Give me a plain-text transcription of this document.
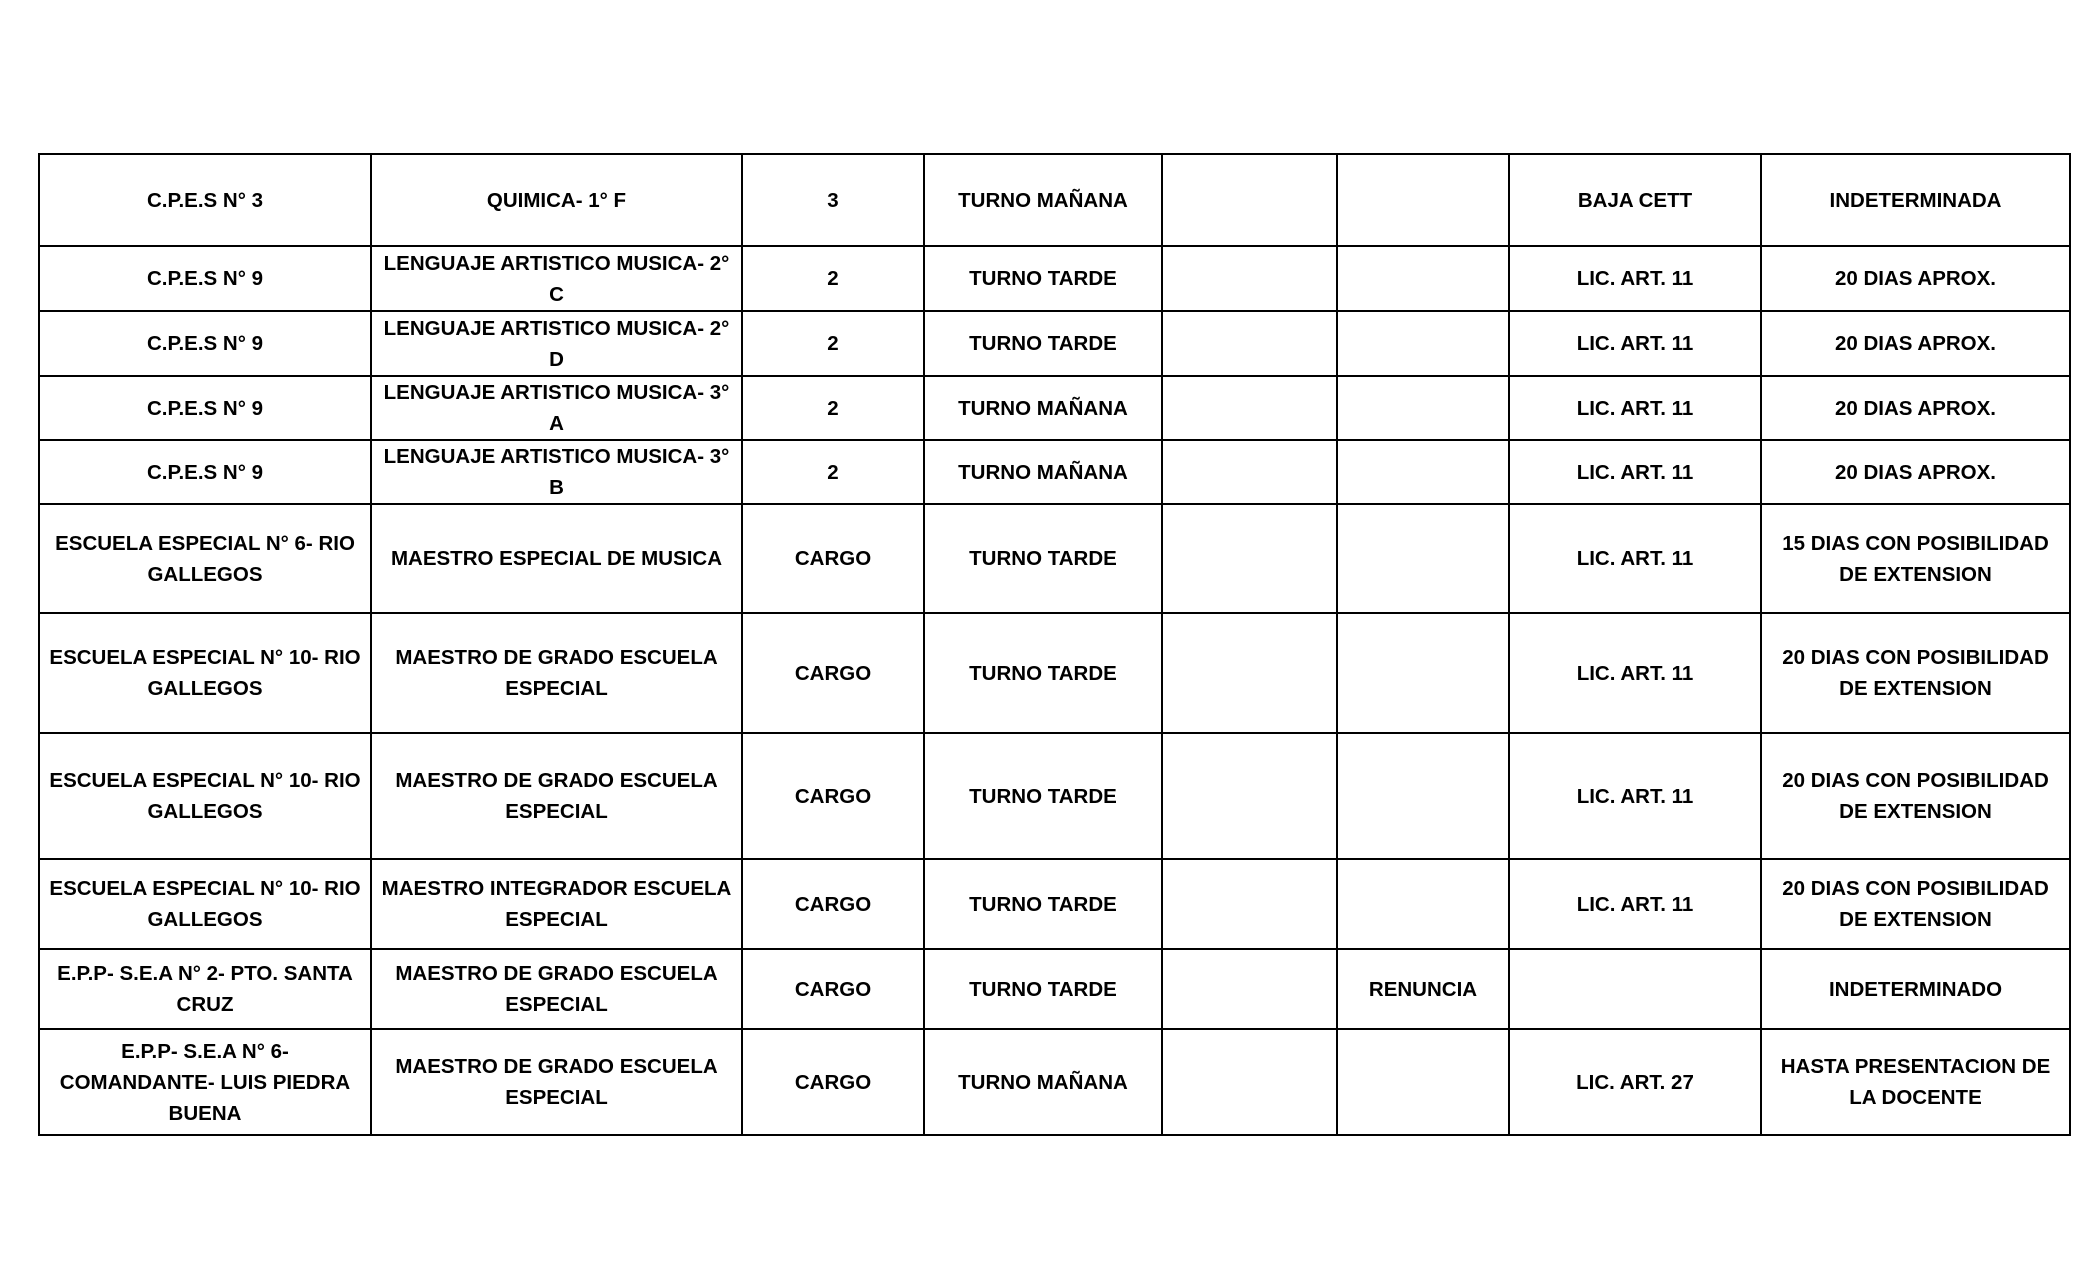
C.P.E.S N° 3	QUIMICA- 1° F	3	TURNO MAÑANA			BAJA CETT	INDETERMINADA
C.P.E.S N° 9	LENGUAJE ARTISTICO MUSICA- 2° C	2	TURNO TARDE			LIC. ART. 11	20 DIAS APROX.
C.P.E.S N° 9	LENGUAJE ARTISTICO MUSICA- 2° D	2	TURNO TARDE			LIC. ART. 11	20 DIAS APROX.
C.P.E.S N° 9	LENGUAJE ARTISTICO MUSICA- 3° A	2	TURNO MAÑANA			LIC. ART. 11	20 DIAS APROX.
C.P.E.S N° 9	LENGUAJE ARTISTICO MUSICA- 3° B	2	TURNO MAÑANA			LIC. ART. 11	20 DIAS APROX.
ESCUELA ESPECIAL N° 6- RIO GALLEGOS	MAESTRO ESPECIAL DE MUSICA	CARGO	TURNO TARDE			LIC. ART. 11	15 DIAS CON POSIBILIDAD DE EXTENSION
ESCUELA ESPECIAL N° 10- RIO GALLEGOS	MAESTRO DE GRADO ESCUELA ESPECIAL	CARGO	TURNO TARDE			LIC. ART. 11	20 DIAS CON POSIBILIDAD DE EXTENSION
ESCUELA ESPECIAL N° 10- RIO GALLEGOS	MAESTRO DE GRADO ESCUELA ESPECIAL	CARGO	TURNO TARDE			LIC. ART. 11	20 DIAS CON POSIBILIDAD DE EXTENSION
ESCUELA ESPECIAL N° 10- RIO GALLEGOS	MAESTRO INTEGRADOR ESCUELA ESPECIAL	CARGO	TURNO TARDE			LIC. ART. 11	20 DIAS CON POSIBILIDAD DE EXTENSION
E.P.P- S.E.A N° 2- PTO. SANTA CRUZ	MAESTRO DE GRADO ESCUELA ESPECIAL	CARGO	TURNO TARDE		RENUNCIA		INDETERMINADO
E.P.P- S.E.A N° 6- COMANDANTE- LUIS PIEDRA BUENA	MAESTRO DE GRADO ESCUELA ESPECIAL	CARGO	TURNO MAÑANA			LIC. ART. 27	HASTA PRESENTACION DE LA DOCENTE
